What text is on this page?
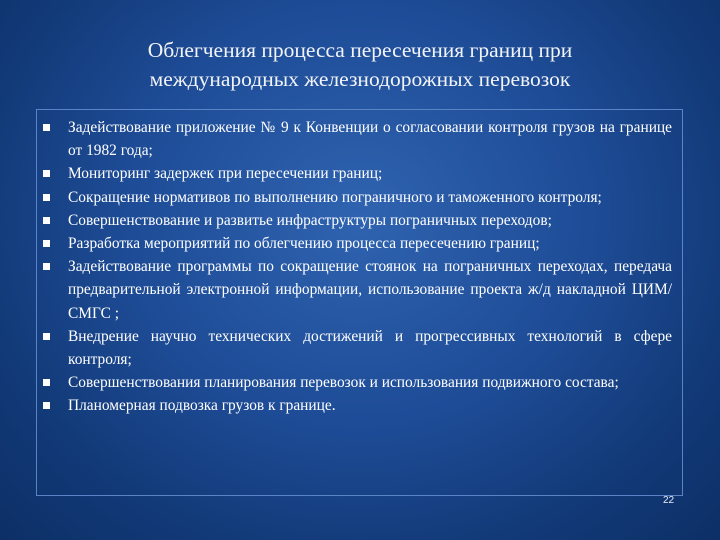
Облегчения процесса пересечения границ при
международных железнодорожных перевозок
Задействование приложение № 9 к Конвенции о согласовании контроля грузов на границе от 1982 года;
Мониторинг задержек при пересечении границ;
Сокращение нормативов по выполнению пограничного и таможенного контроля;
Совершенствование и развитье инфраструктуры пограничных переходов;
Разработка мероприятий по облегчению процесса пересечению границ;
Задействование программы по сокращение стоянок на пограничных переходах, передача предварительной электронной информации, использование проекта ж/д накладной ЦИМ/СМГС ;
Внедрение научно технических достижений и прогрессивных технологий в сфере контроля;
Совершенствования планирования перевозок и использования подвижного состава;
Планомерная подвозка грузов к границе.
22
